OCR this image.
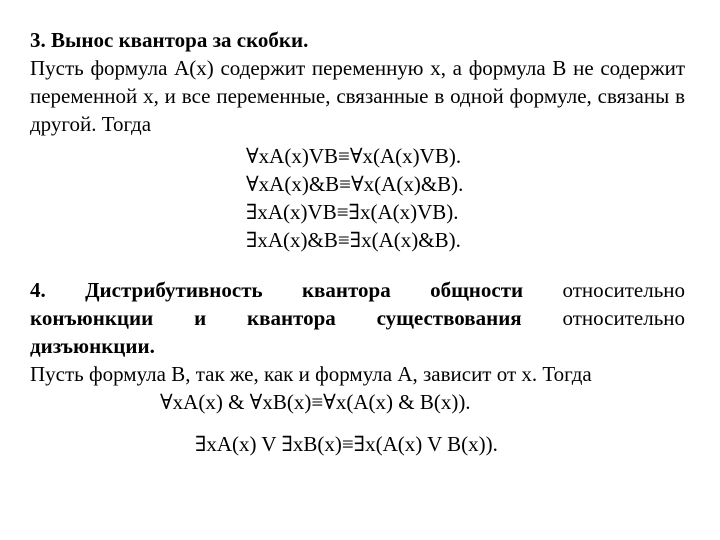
3. Вынос квантора за скобки.
Пусть формула A(x) содержит переменную x, а формула B не содержит переменной x, и все переменные, связанные в одной формуле, связаны в другой. Тогда

∀xA(x)VB≡∀x(A(x)VB).
∀xA(x)&B≡∀x(A(x)&B).
∃xA(x)VB≡∃x(A(x)VB).
∃xA(x)&B≡∃x(A(x)&B).

4. Дистрибутивность квантора общности относительно

конъюнкции и квантора существования относительно

дизъюнкции.

Пусть формула B, так же, как и формула A, зависит от x. Тогда

∀xA(x) & ∀xB(x)≡∀x(A(x) & B(x)).
∃xA(x) V ∃xB(x)≡∃x(A(x) V B(x)).
